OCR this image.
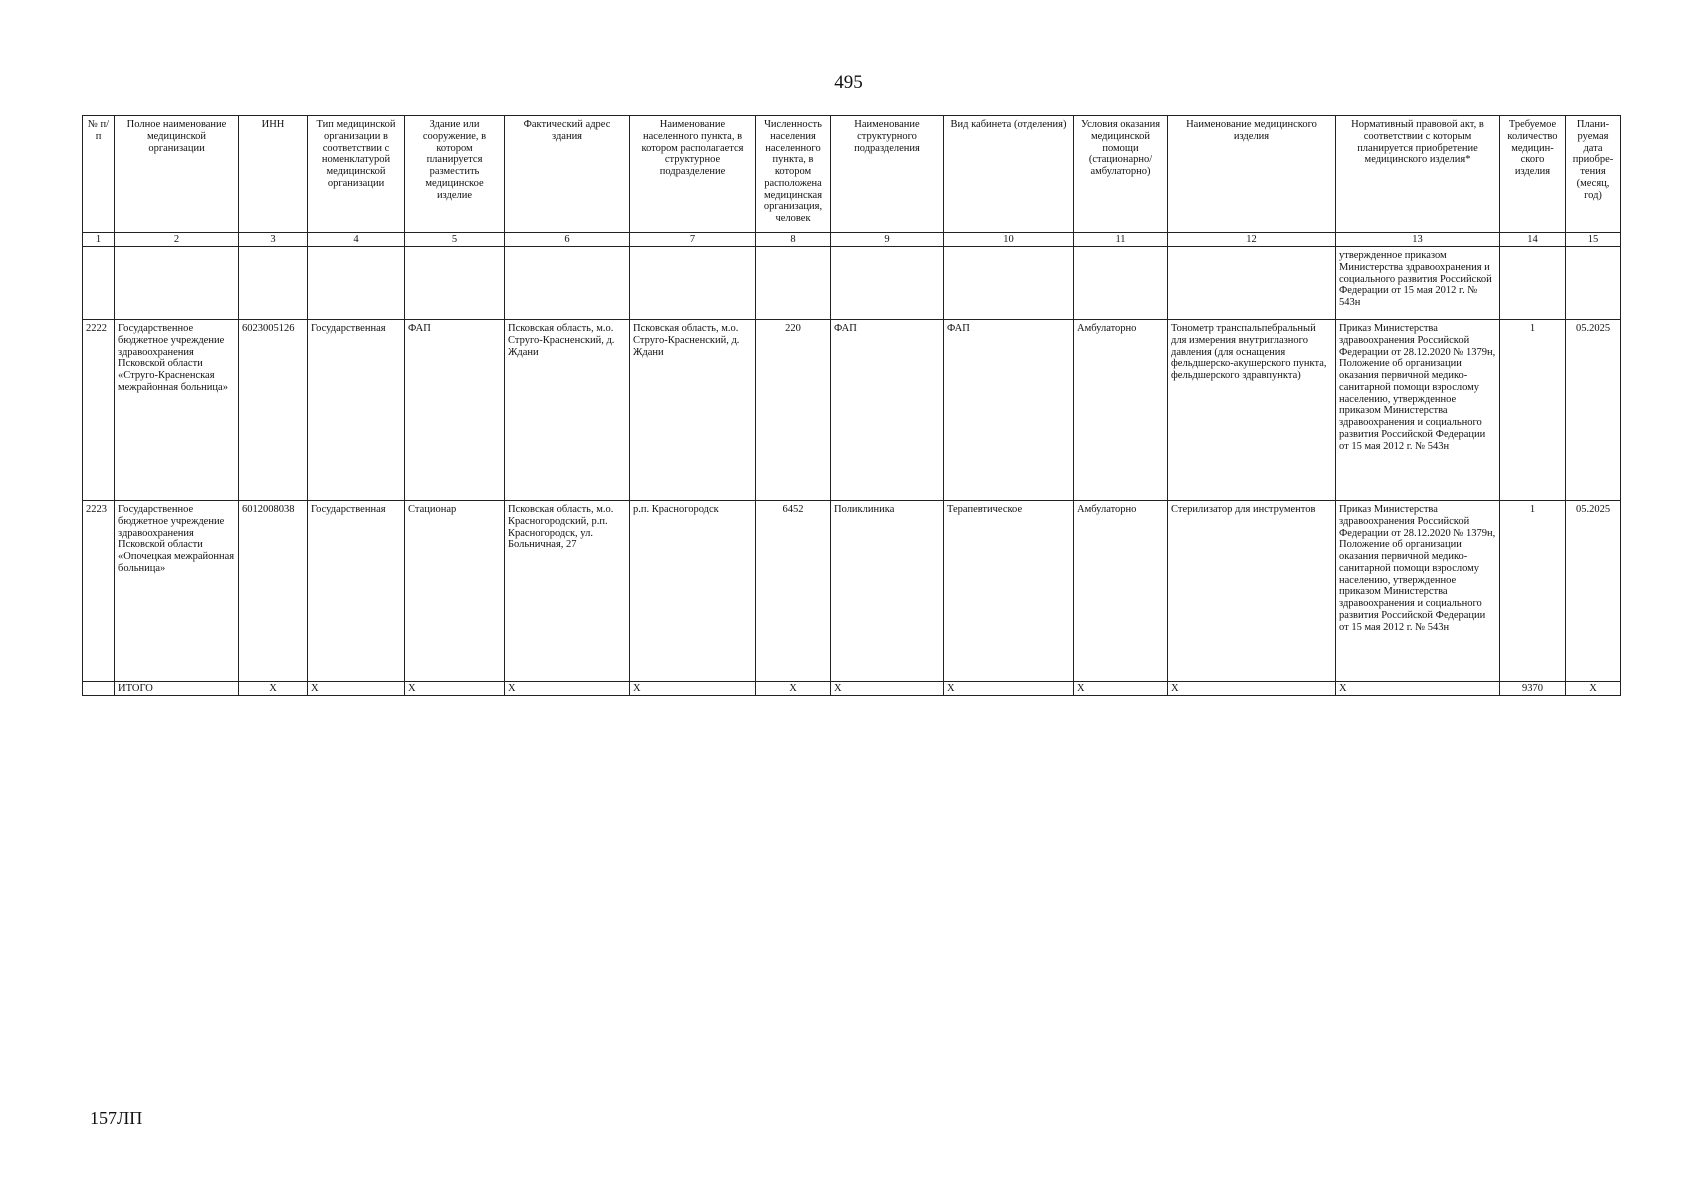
495
№ п/п	Полное наименование медицинской организации	ИНН	Тип медицинской организации в соответствии с номенклатурой медицинской организации	Здание или сооружение, в котором планируется разместить медицинское изделие	Фактический адрес здания	Наименование населенного пункта, в котором располагается структурное подразделение	Численность населения населенного пункта, в котором расположена медицинская организация, человек	Наименование структурного подразделения	Вид кабинета (отделения)	Условия оказания медицинской помощи (стационарно/ амбулаторно)	Наименование медицинского изделия	Нормативный правовой акт, в соответствии с которым планируется приобретение медицинского изделия*	Требуемое количество медицин-ского изделия	Плани-руемая дата приобре-тения (месяц, год)
1	2	3	4	5	6	7	8	9	10	11	12	13	14	15
												утвержденное приказом Министерства здравоохранения и социального развития Российской Федерации от 15 мая 2012 г. № 543н		
2222	Государственное бюджетное учреждение здравоохранения Псковской области «Струго-Красненская межрайонная больница»	6023005126	Государственная	ФАП	Псковская область, м.о. Струго-Красненский, д. Ждани	Псковская область, м.о. Струго-Красненский, д. Ждани	220	ФАП	ФАП	Амбулаторно	Тонометр транспальпебральный для измерения внутриглазного давления (для оснащения фельдшерско-акушерского пункта, фельдшерского здравпункта)	Приказ Министерства здравоохранения Российской Федерации от 28.12.2020 № 1379н, Положение об организации оказания первичной медико-санитарной помощи взрослому населению, утвержденное приказом Министерства здравоохранения и социального развития Российской Федерации от 15 мая 2012 г. № 543н	1	05.2025
2223	Государственное бюджетное учреждение здравоохранения Псковской области «Опочецкая межрайонная больница»	6012008038	Государственная	Стационар	Псковская область, м.о. Красногородский, р.п. Красногородск, ул. Больничная, 27	р.п. Красногородск	6452	Поликлиника	Терапевтическое	Амбулаторно	Стерилизатор для инструментов	Приказ Министерства здравоохранения Российской Федерации от 28.12.2020 № 1379н, Положение об организации оказания первичной медико-санитарной помощи взрослому населению, утвержденное приказом Министерства здравоохранения и социального развития Российской Федерации от 15 мая 2012 г. № 543н	1	05.2025
	ИТОГО	X	X	X	X	X	X	X	X	X	X	X	9370	X
157ЛП
